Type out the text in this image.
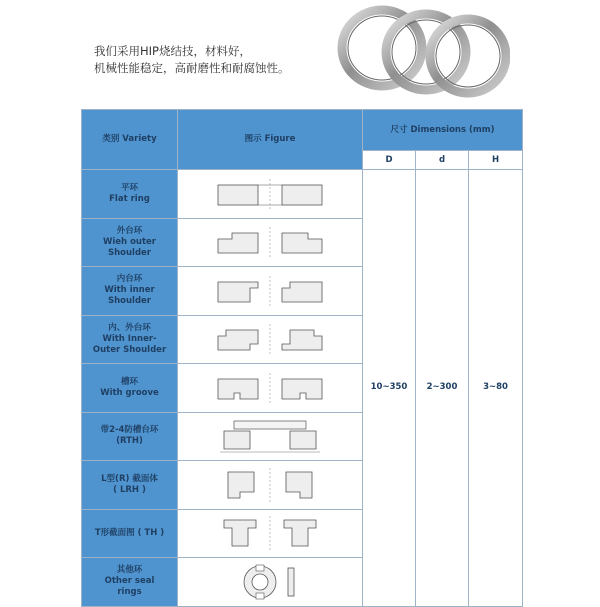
我们采用HIP烧结技，材料好，
机械性能稳定，高耐磨性和耐腐蚀性。
类别 Variety	图示 Figure	尺寸 Dimensions (mm)		
		D	d	H
平环
Flat ring		10~350	2~300	3~80
外台环
Wieh outer
Shoulder	

内台环
With inner
Shoulder	

内、外台环
With Inner-
Outer Shoulder	

槽环
With groove	

带2-4防槽台环
(RTH)	

L型(R) 截面体
( LRH )	

T形截面图 ( TH )	

其他环
Other seal
rings	
